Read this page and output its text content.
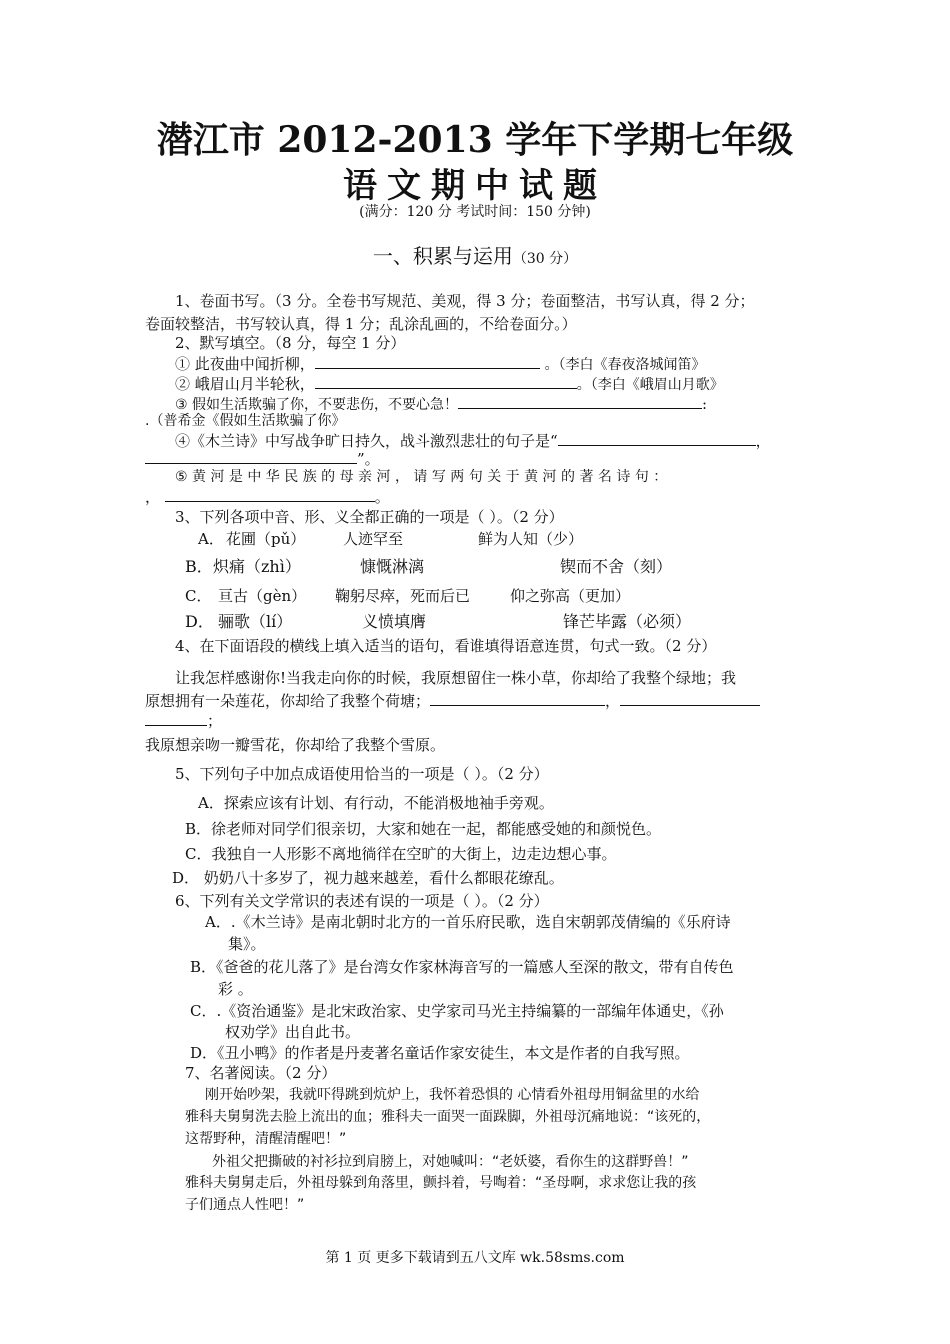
潜江市 2012-2013 学年下学期七年级
语文期中试题
(满分：120 分 考试时间：150 分钟)
一、积累与运用（30 分）
1、卷面书写。（3 分。全卷书写规范、美观，得 3 分；卷面整洁，书写认真，得 2 分；
卷面较整洁，书写较认真，得 1 分；乱涂乱画的，不给卷面分。）
2、默写填空。（8 分，每空 1 分）
① 此夜曲中闻折柳，	。（李白《春夜洛城闻笛》
② 峨眉山月半轮秋，	。（李白《峨眉山月歌》
③ 假如生活欺骗了你，不要悲伤，不要心急！	:
.（普希金《假如生活欺骗了你》
④《木兰诗》中写战争旷日持久，战斗激烈悲壮的句子是“	，
”。
⑤ 黄 河 是 中 华 民 族 的 母 亲 河 ， 请 写 两 句 关 于 黄 河 的 著 名 诗 句 ：
，	。
3、下列各项中音、形、义全都正确的一项是（ ）。（2 分）
A． 花圃（pǔ）	人迹罕至	鲜为人知（少）
B． 炽痛（zhì）	慷慨淋漓	锲而不舍（刻）
C． 亘古（gèn） 鞠躬尽瘁，死而后已	仰之弥高（更加）
D． 骊歌（lí）	义愤填膺	锋芒毕露（必须）
4、在下面语段的横线上填入适当的语句，看谁填得语意连贯，句式一致。（2 分）
让我怎样感谢你!当我走向你的时候，我原想留住一株小草，你却给了我整个绿地；我
原想拥有一朵莲花，你却给了我整个荷塘；	，
；
我原想亲吻一瓣雪花，你却给了我整个雪原。
5、下列句子中加点成语使用恰当的一项是（ ）。（2 分）
A．探索应该有计划、有行动，不能消极地袖手旁观。
B．徐老师对同学们很亲切，大家和她在一起，都能感受她的和颜悦色。
C．我独自一人形影不离地徜徉在空旷的大街上，边走边想心事。
D． 奶奶八十多岁了，视力越来越差，看什么都眼花缭乱。
6、下列有关文学常识的表述有误的一项是（ ）。（2 分）
A．.《木兰诗》是南北朝时北方的一首乐府民歌，选自宋朝郭茂倩编的《乐府诗
集》。
B．《爸爸的花儿落了》是台湾女作家林海音写的一篇感人至深的散文，带有自传色
彩 。
C．.《资治通鉴》是北宋政治家、史学家司马光主持编纂的一部编年体通史，《孙
权劝学》出自此书。
D．《丑小鸭》的作者是丹麦著名童话作家安徒生，本文是作者的自我写照。
7、名著阅读。（2 分）
刚开始吵架，我就吓得跳到炕炉上，我怀着恐惧的 心情看外祖母用铜盆里的水给
雅科夫舅舅洗去脸上流出的血；雅科夫一面哭一面跺脚，外祖母沉痛地说：“该死的，
这帮野种，清醒清醒吧！”
外祖父把撕破的衬衫拉到肩膀上，对她喊叫：“老妖婆，看你生的这群野兽！”
雅科夫舅舅走后，外祖母躲到角落里，颤抖着，号啕着：“圣母啊，求求您让我的孩
子们通点人性吧！”
第 1 页 更多下载请到五八文库 wk.58sms.com
